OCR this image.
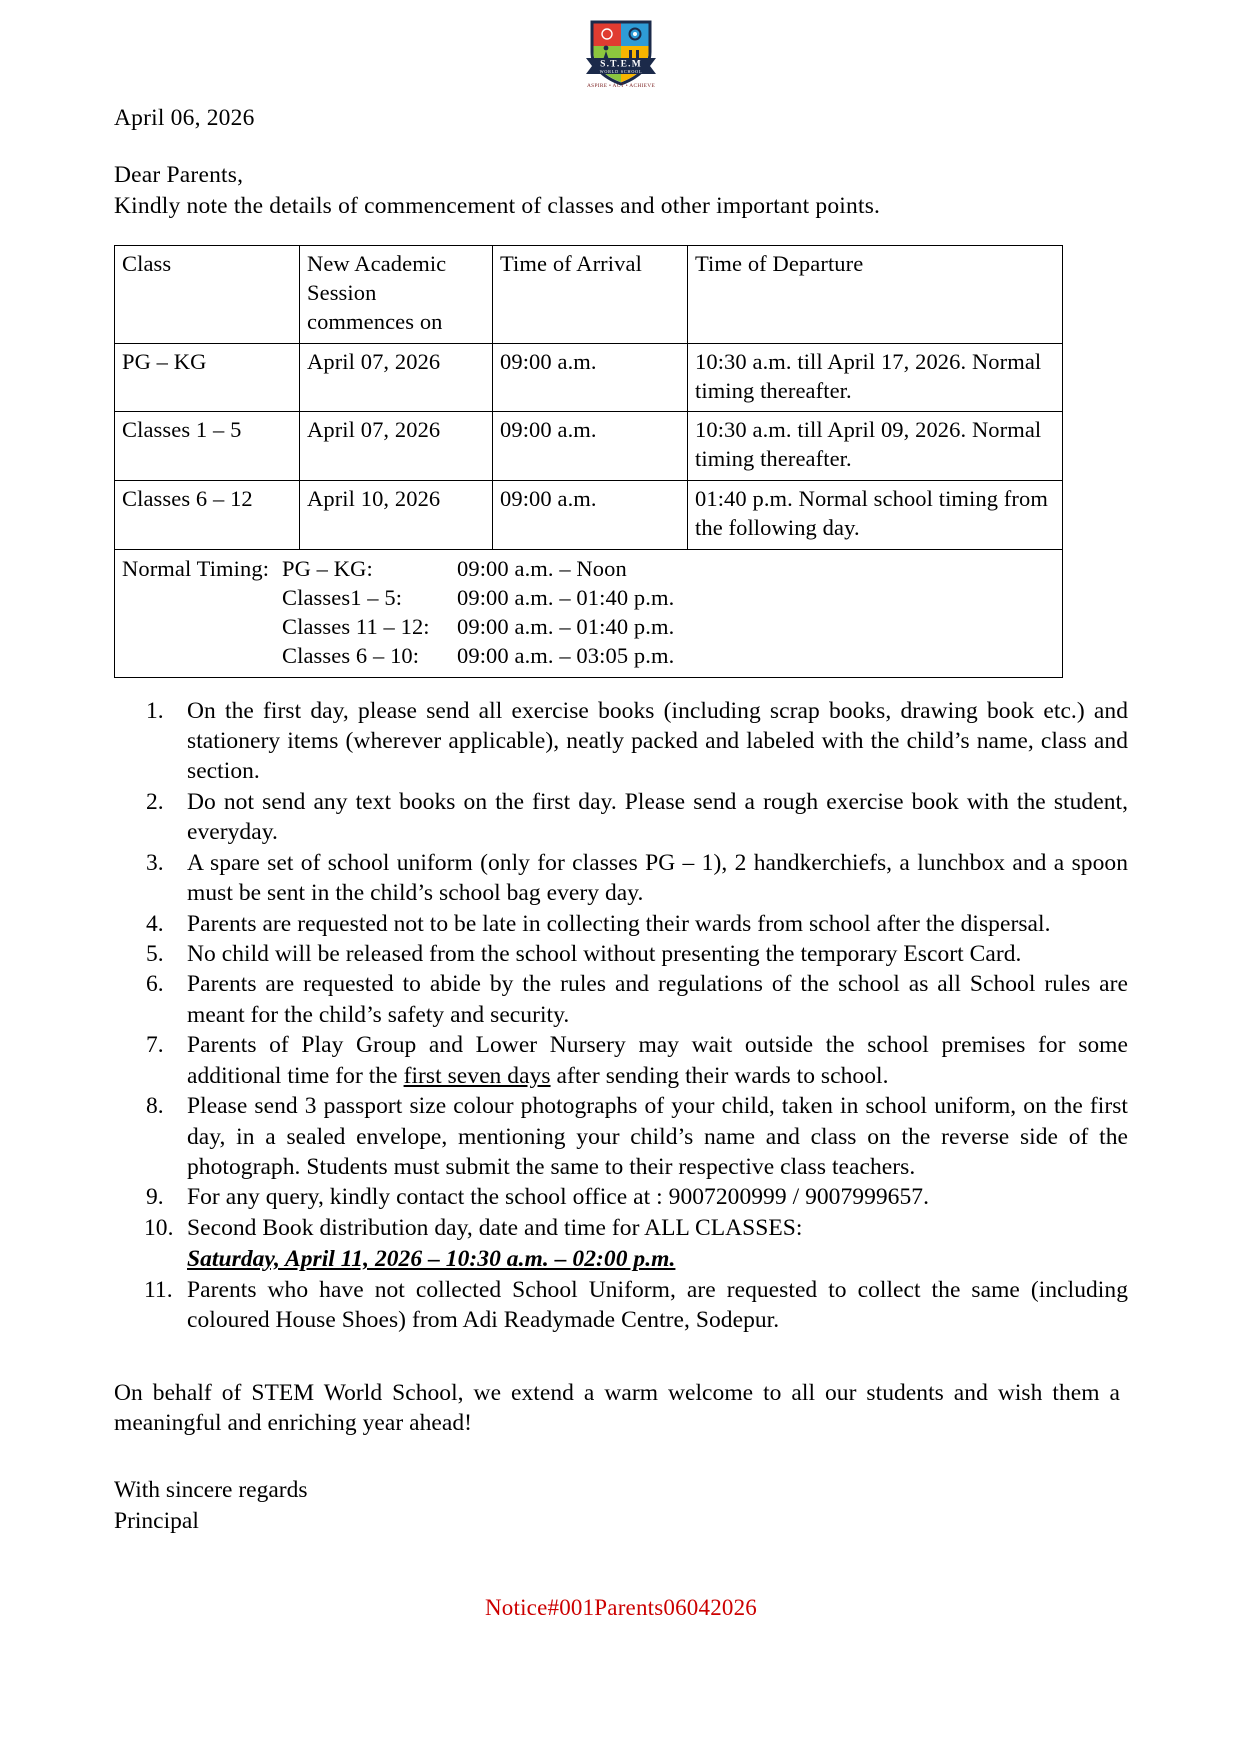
S.T.E.M
WORLD SCHOOL
ASPIRE • ACT • ACHIEVE
April 06, 2026
Dear Parents,
Kindly note the details of commencement of classes and other important points.
Class	New Academic Session commences on	Time of Arrival	Time of Departure
PG – KG	April 07, 2026	09:00 a.m.	10:30 a.m. till April 17, 2026. Normal timing thereafter.
Classes 1 – 5	April 07, 2026	09:00 a.m.	10:30 a.m. till April 09, 2026. Normal timing thereafter.
Classes 6 – 12	April 10, 2026	09:00 a.m.	01:40 p.m. Normal school timing from the following day.

Normal Timing: PG – KG:	09:00 a.m. – Noon
Classes1 – 5:	09:00 a.m. – 01:40 p.m.
Classes 11 – 12:	09:00 a.m. – 01:40 p.m.
Classes 6 – 10:	09:00 a.m. – 03:05 p.m.
1. On the first day, please send all exercise books (including scrap books, drawing book etc.) and stationery items (wherever applicable), neatly packed and labeled with the child’s name, class and section.
2. Do not send any text books on the first day. Please send a rough exercise book with the student, everyday.
3. A spare set of school uniform (only for classes PG – 1), 2 handkerchiefs, a lunchbox and a spoon must be sent in the child’s school bag every day.
4. Parents are requested not to be late in collecting their wards from school after the dispersal.
5. No child will be released from the school without presenting the temporary Escort Card.
6. Parents are requested to abide by the rules and regulations of the school as all School rules are meant for the child’s safety and security.
7. Parents of Play Group and Lower Nursery may wait outside the school premises for some additional time for the first seven days after sending their wards to school.
8. Please send 3 passport size colour photographs of your child, taken in school uniform, on the first day, in a sealed envelope, mentioning your child’s name and class on the reverse side of the photograph. Students must submit the same to their respective class teachers.
9. For any query, kindly contact the school office at : 9007200999 / 9007999657.
10. Second Book distribution day, date and time for ALL CLASSES:
Saturday, April 11, 2026 – 10:30 a.m. – 02:00 p.m.
11. Parents who have not collected School Uniform, are requested to collect the same (including coloured House Shoes) from Adi Readymade Centre, Sodepur.
On behalf of STEM World School, we extend a warm welcome to all our students and wish them a meaningful and enriching year ahead!
With sincere regards
Principal
Notice#001Parents06042026
